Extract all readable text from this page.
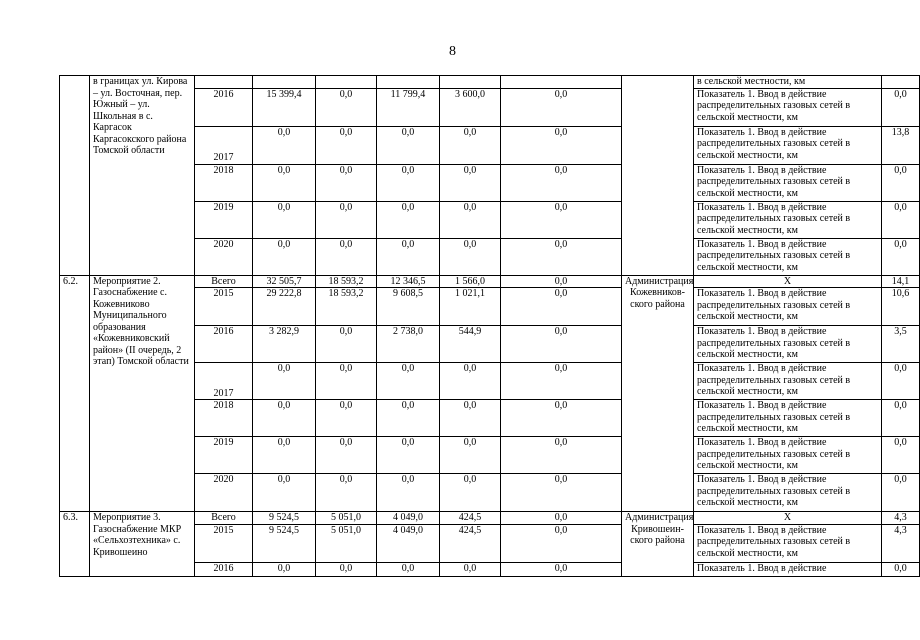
8
	в границах ул. Кирова – ул. Восточная, пер. Южный – ул. Школьная в с. Каргасок Каргасокского района Томской области								в сельской местности, км	
		2016	15 399,4	0,0	11 799,4	3 600,0	0,0		Показатель 1. Ввод в действие распределительных газовых сетей в сельской местности, км	0,0
		2017	0,0	0,0	0,0	0,0	0,0		Показатель 1. Ввод в действие распределительных газовых сетей в сельской местности, км	13,8
		2018	0,0	0,0	0,0	0,0	0,0		Показатель 1. Ввод в действие распределительных газовых сетей в сельской местности, км	0,0
		2019	0,0	0,0	0,0	0,0	0,0		Показатель 1. Ввод в действие распределительных газовых сетей в сельской местности, км	0,0
		2020	0,0	0,0	0,0	0,0	0,0		Показатель 1. Ввод в действие распределительных газовых сетей в сельской местности, км	0,0
6.2.	Мероприятие 2. Газоснабжение с. Кожевниково Муниципального образования «Кожевниковский район» (II очередь, 2 этап) Томской области	Всего	32 505,7	18 593,2	12 346,5	1 566,0	0,0	Администрация Кожевников-ского района	Х	14,1
		2015	29 222,8	18 593,2	9 608,5	1 021,1	0,0		Показатель 1. Ввод в действие распределительных газовых сетей в сельской местности, км	10,6
		2016	3 282,9	0,0	2 738,0	544,9	0,0		Показатель 1. Ввод в действие распределительных газовых сетей в сельской местности, км	3,5
		2017	0,0	0,0	0,0	0,0	0,0		Показатель 1. Ввод в действие распределительных газовых сетей в сельской местности, км	0,0
		2018	0,0	0,0	0,0	0,0	0,0		Показатель 1. Ввод в действие распределительных газовых сетей в сельской местности, км	0,0
		2019	0,0	0,0	0,0	0,0	0,0		Показатель 1. Ввод в действие распределительных газовых сетей в сельской местности, км	0,0
		2020	0,0	0,0	0,0	0,0	0,0		Показатель 1. Ввод в действие распределительных газовых сетей в сельской местности, км	0,0
6.3.	Мероприятие 3. Газоснабжение МКР «Сельхозтехника» с. Кривошеино	Всего	9 524,5	5 051,0	4 049,0	424,5	0,0	Администрация Кривошеин-ского района	Х	4,3
		2015	9 524,5	5 051,0	4 049,0	424,5	0,0		Показатель 1. Ввод в действие распределительных газовых сетей в сельской местности, км	4,3
		2016	0,0	0,0	0,0	0,0	0,0		Показатель 1. Ввод в действие	0,0
